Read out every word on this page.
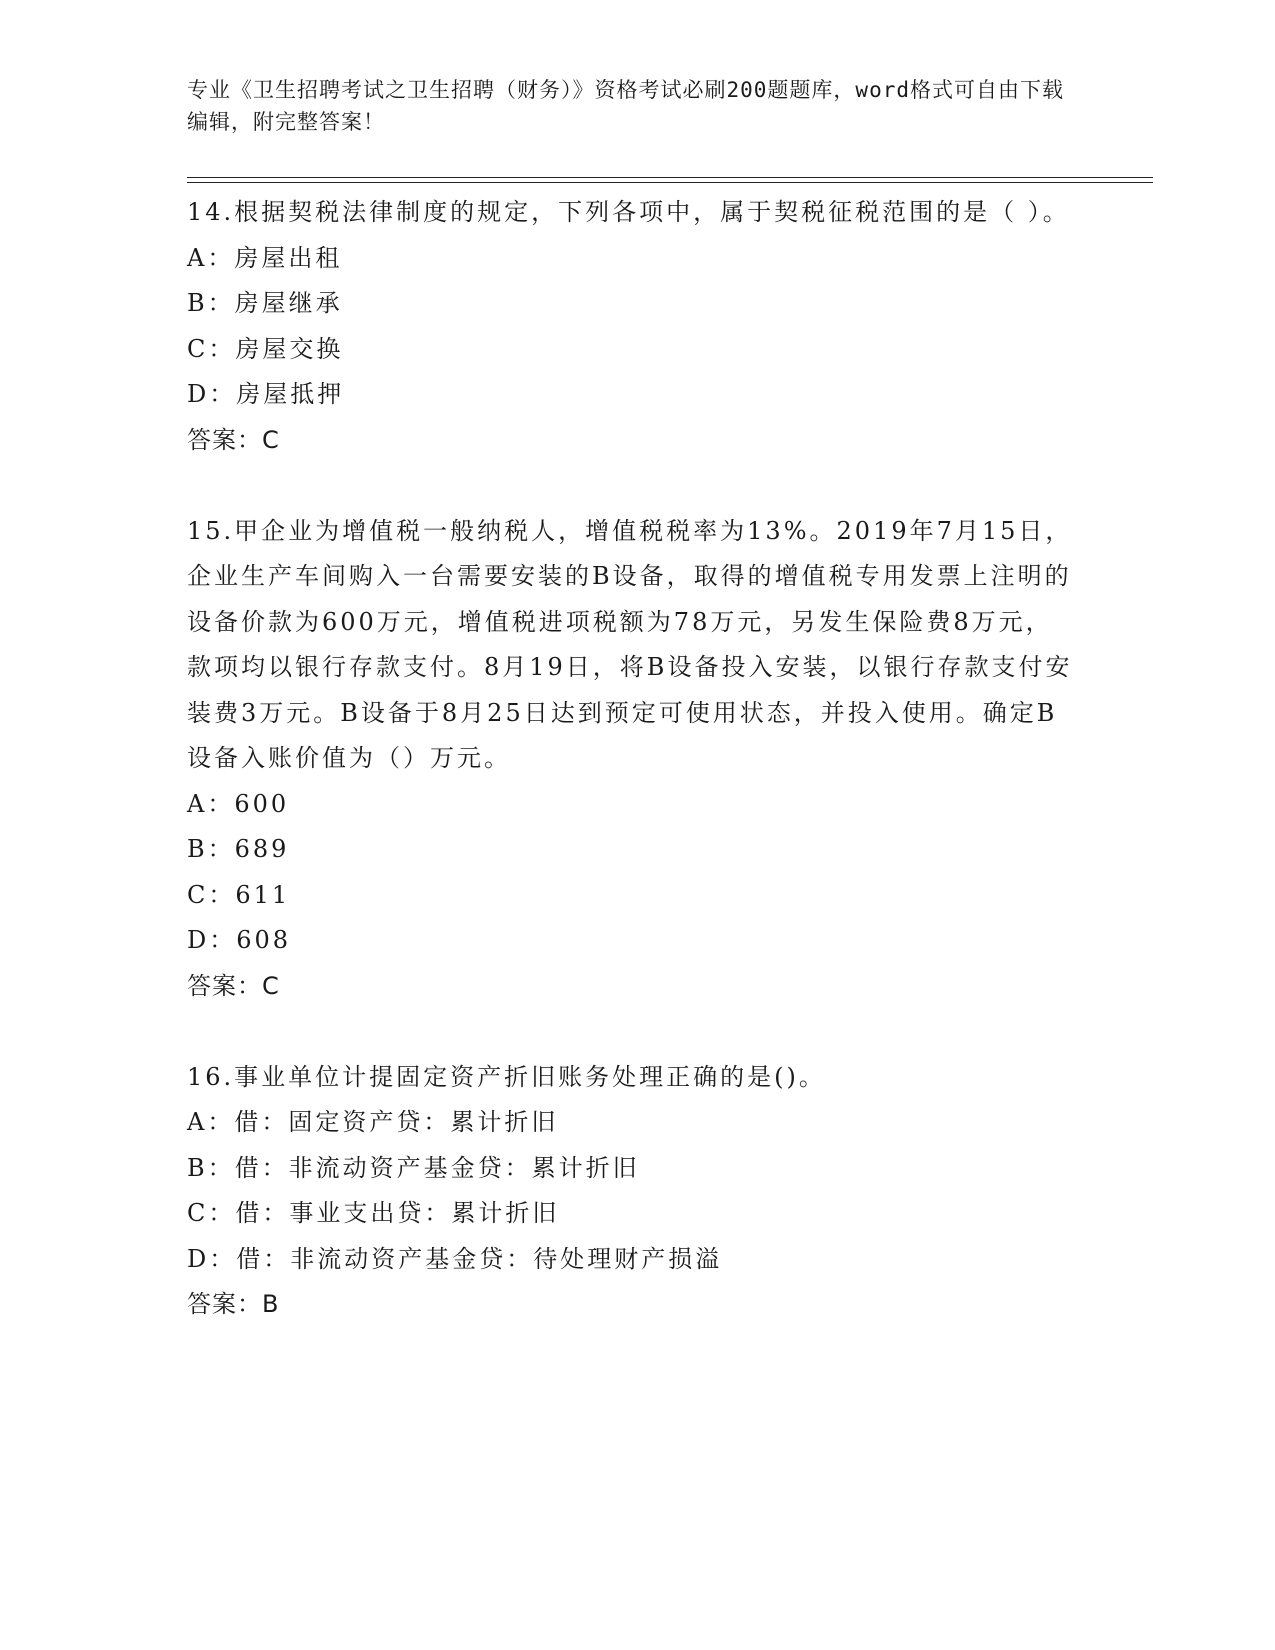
专业《卫生招聘考试之卫生招聘（财务）》资格考试必刷200题题库，word格式可自由下载编辑，附完整答案！
14.根据契税法律制度的规定，下列各项中，属于契税征税范围的是（ ）。
A：房屋出租
B：房屋继承
C：房屋交换
D：房屋抵押
答案：C
15.甲企业为增值税一般纳税人，增值税税率为13%。2019年7月15日，企业生产车间购入一台需要安装的B设备，取得的增值税专用发票上注明的设备价款为600万元，增值税进项税额为78万元，另发生保险费8万元，款项均以银行存款支付。8月19日，将B设备投入安装，以银行存款支付安装费3万元。B设备于8月25日达到预定可使用状态，并投入使用。确定B设备入账价值为（）万元。
A：600
B：689
C：611
D：608
答案：C
16.事业单位计提固定资产折旧账务处理正确的是()。
A：借：固定资产贷：累计折旧
B：借：非流动资产基金贷：累计折旧
C：借：事业支出贷：累计折旧
D：借：非流动资产基金贷：待处理财产损溢
答案：B
